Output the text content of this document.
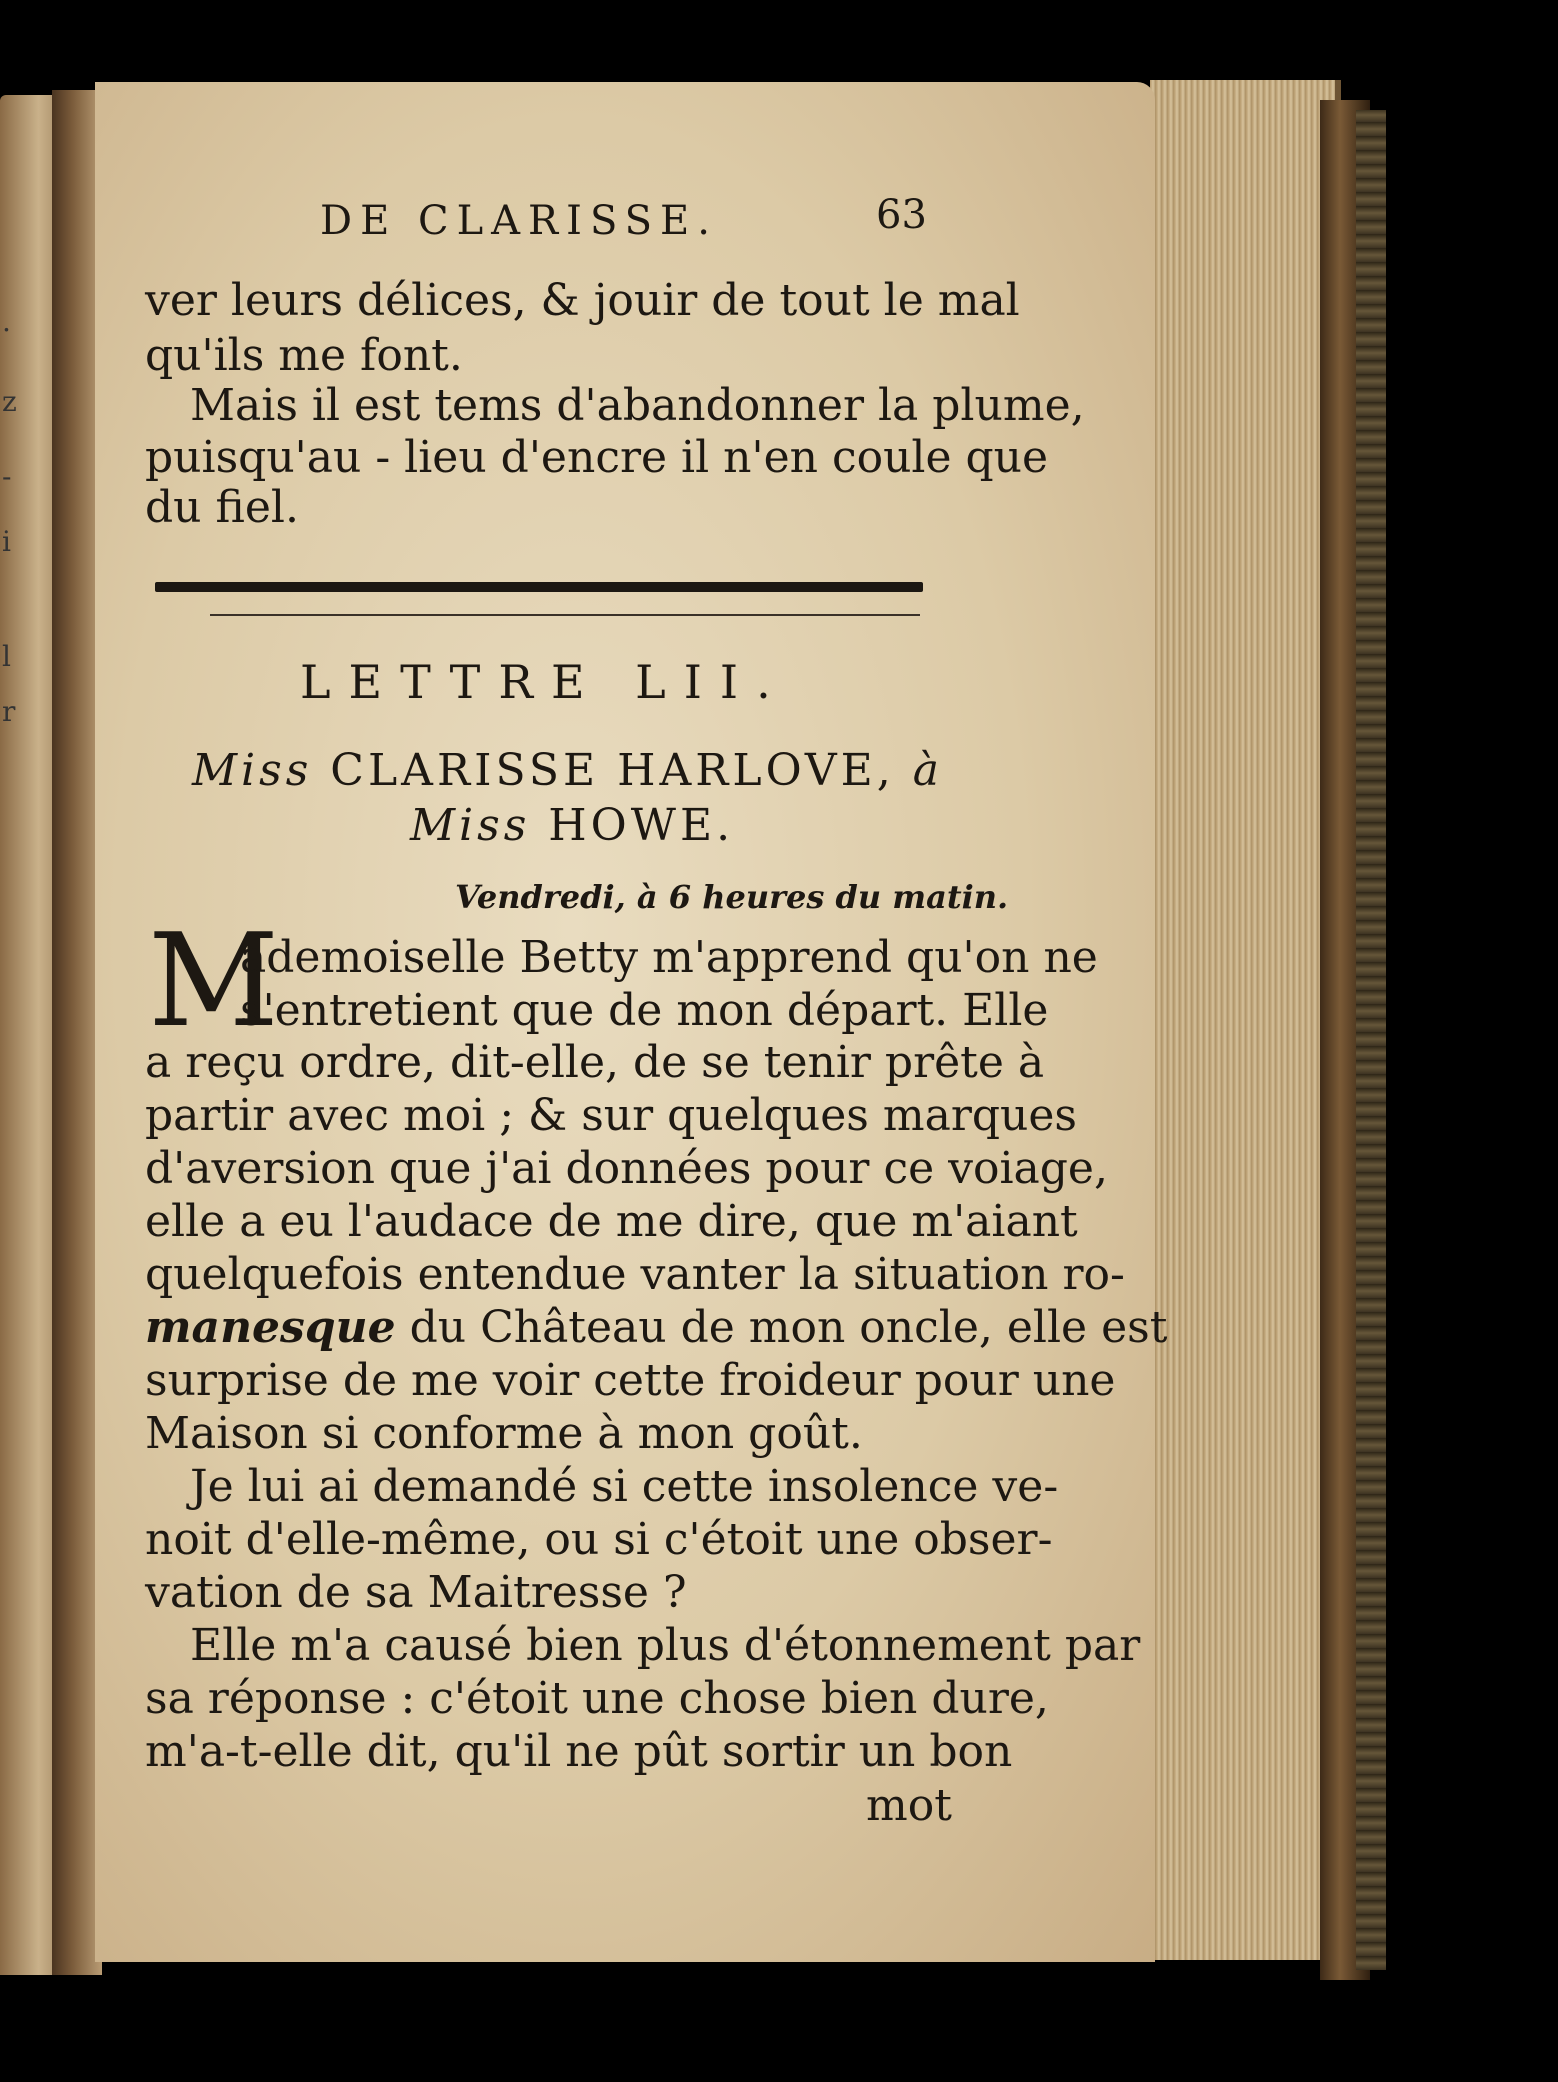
.
z
-
i
l
r
DE CLARISSE.	63
ver leurs délices, & jouir de tout le mal
qu'ils me font.
Mais il est tems d'abandonner la plume,
puisqu'au - lieu d'encre il n'en coule que
du fiel.
LETTRE LII.
Miss CLARISSE HARLOVE, à
Miss HOWE.
Vendredi, à 6 heures du matin.
M
ademoiselle Betty m'apprend qu'on ne
s'entretient que de mon départ. Elle
a reçu ordre, dit-elle, de se tenir prête à
partir avec moi ; & sur quelques marques
d'aversion que j'ai données pour ce voiage,
elle a eu l'audace de me dire, que m'aiant
quelquefois entendue vanter la situation ro-
manesque du Château de mon oncle, elle est
surprise de me voir cette froideur pour une
Maison si conforme à mon goût.
Je lui ai demandé si cette insolence ve-
noit d'elle-même, ou si c'étoit une obser-
vation de sa Maitresse ?
Elle m'a causé bien plus d'étonnement par
sa réponse : c'étoit une chose bien dure,
m'a-t-elle dit, qu'il ne pût sortir un bon
mot
